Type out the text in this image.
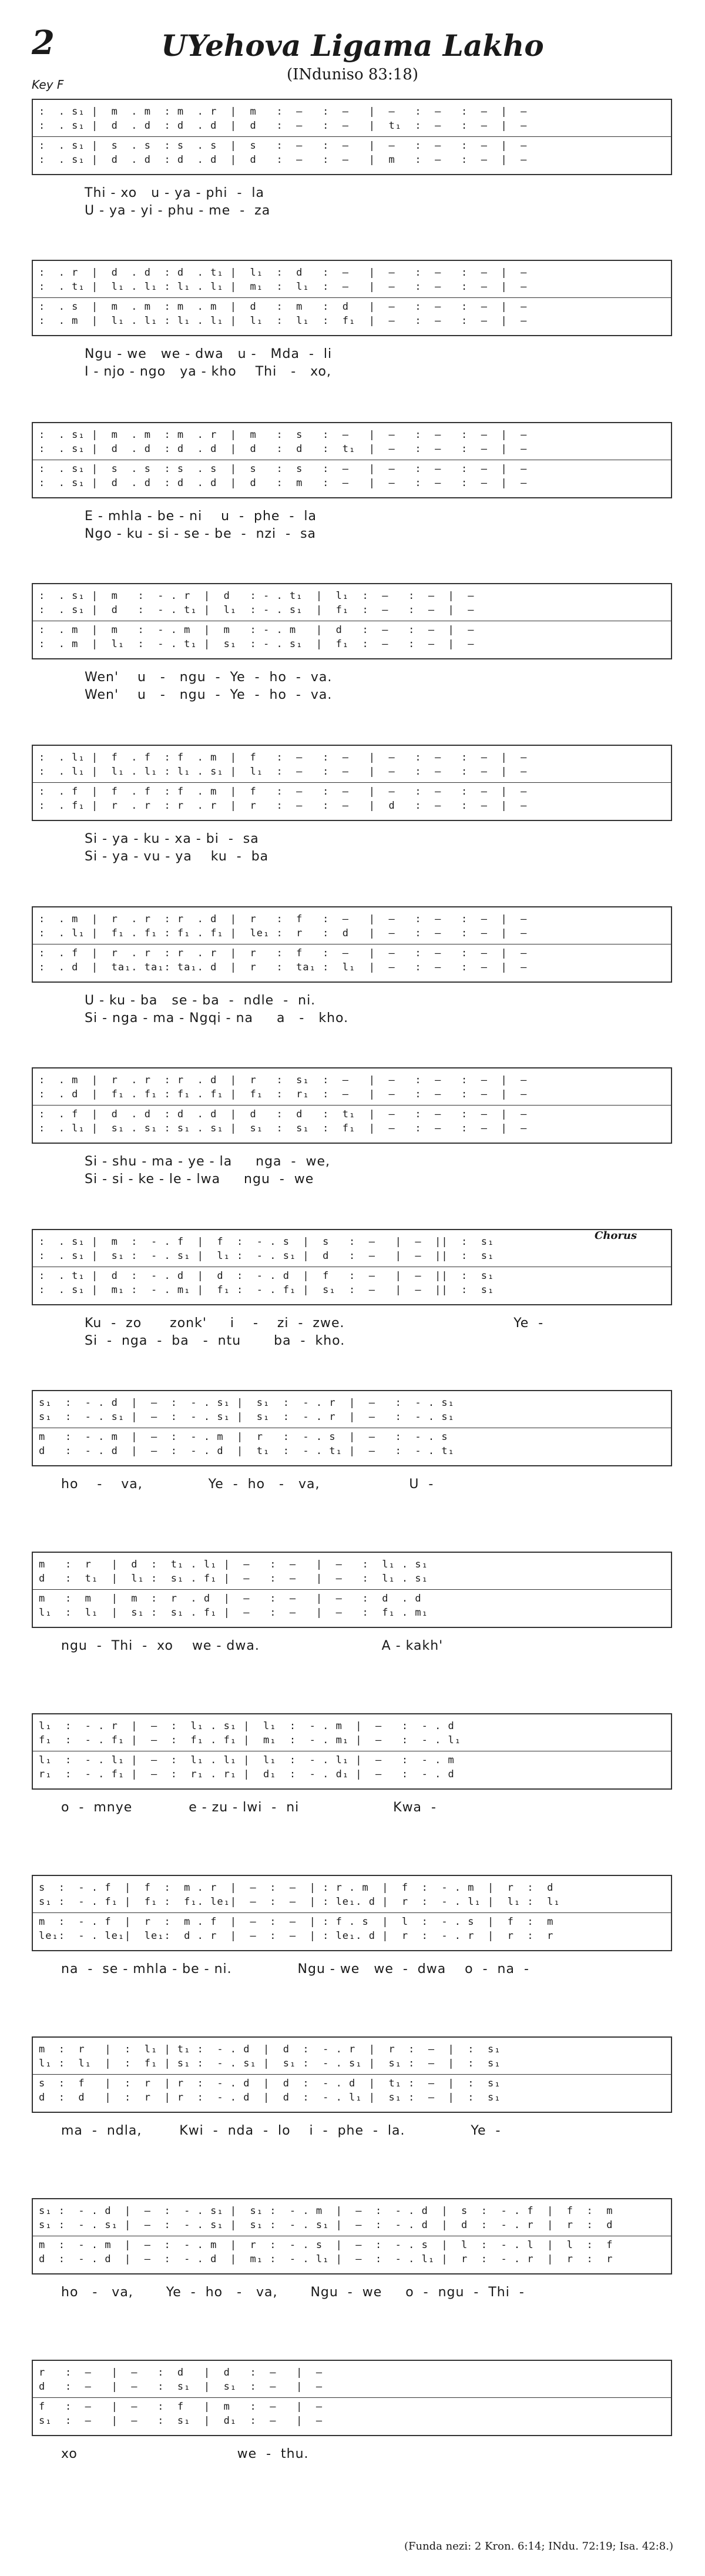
2	UYehova Ligama Lakho
(INduniso 83:18)
Key F
Chorus
:  . s₁ |  m  . m  : m  . r  |  m   :  —   :  —   |  —   :  —   :  —  |  —
:  . s₁ |  d  . d  : d  . d  |  d   :  —   :  —   |  t₁  :  —   :  —  |  —
:  . s₁ |  s  . s  : s  . s  |  s   :  —   :  —   |  —   :  —   :  —  |  —
:  . s₁ |  d  . d  : d  . d  |  d   :  —   :  —   |  m   :  —   :  —  |  —
Thi - xo   u - ya - phi  -  la
U - ya - yi - phu - me  -  za
:  . r  |  d  . d  : d  . t₁ |  l₁  :  d   :  —   |  —   :  —   :  —  |  —
:  . t₁ |  l₁ . l₁ : l₁ . l₁ |  m₁  :  l₁  :  —   |  —   :  —   :  —  |  —
:  . s  |  m  . m  : m  . m  |  d   :  m   :  d   |  —   :  —   :  —  |  —
:  . m  |  l₁ . l₁ : l₁ . l₁ |  l₁  :  l₁  :  f₁  |  —   :  —   :  —  |  —
Ngu - we   we - dwa   u -   Mda  -  li
I - njo - ngo   ya - kho    Thi   -   xo,
:  . s₁ |  m  . m  : m  . r  |  m   :  s   :  —   |  —   :  —   :  —  |  —
:  . s₁ |  d  . d  : d  . d  |  d   :  d   :  t₁  |  —   :  —   :  —  |  —
:  . s₁ |  s  . s  : s  . s  |  s   :  s   :  —   |  —   :  —   :  —  |  —
:  . s₁ |  d  . d  : d  . d  |  d   :  m   :  —   |  —   :  —   :  —  |  —
E - mhla - be - ni    u  -  phe  -  la
Ngo - ku - si - se - be  -  nzi  -  sa
:  . s₁ |  m   :  - . r  |  d   : - . t₁  |  l₁  :  —   :  —  |  —
:  . s₁ |  d   :  - . t₁ |  l₁  : - . s₁  |  f₁  :  —   :  —  |  —
:  . m  |  m   :  - . m  |  m   : - . m   |  d   :  —   :  —  |  —
:  . m  |  l₁  :  - . t₁ |  s₁  : - . s₁  |  f₁  :  —   :  —  |  —
Wen'    u   -   ngu  -  Ye  -  ho  -  va.
Wen'    u   -   ngu  -  Ye  -  ho  -  va.
:  . l₁ |  f  . f  : f  . m  |  f   :  —   :  —   |  —   :  —   :  —  |  —
:  . l₁ |  l₁ . l₁ : l₁ . s₁ |  l₁  :  —   :  —   |  —   :  —   :  —  |  —
:  . f  |  f  . f  : f  . m  |  f   :  —   :  —   |  —   :  —   :  —  |  —
:  . f₁ |  r  . r  : r  . r  |  r   :  —   :  —   |  d   :  —   :  —  |  —
Si - ya - ku - xa - bi  -  sa
Si - ya - vu - ya    ku  -  ba
:  . m  |  r  . r  : r  . d  |  r   :  f   :  —   |  —   :  —   :  —  |  —
:  . l₁ |  f₁ . f₁ : f₁ . f₁ |  le₁ :  r   :  d   |  —   :  —   :  —  |  —
:  . f  |  r  . r  : r  . r  |  r   :  f   :  —   |  —   :  —   :  —  |  —
:  . d  |  ta₁. ta₁: ta₁. d  |  r   :  ta₁ :  l₁  |  —   :  —   :  —  |  —
U - ku - ba   se - ba  -  ndle  -  ni.
Si - nga - ma - Ngqi - na     a   -   kho.
:  . m  |  r  . r  : r  . d  |  r   :  s₁  :  —   |  —   :  —   :  —  |  —
:  . d  |  f₁ . f₁ : f₁ . f₁ |  f₁  :  r₁  :  —   |  —   :  —   :  —  |  —
:  . f  |  d  . d  : d  . d  |  d   :  d   :  t₁  |  —   :  —   :  —  |  —
:  . l₁ |  s₁ . s₁ : s₁ . s₁ |  s₁  :  s₁  :  f₁  |  —   :  —   :  —  |  —
Si - shu - ma - ye - la     nga  -  we,
Si - si - ke - le - lwa     ngu  -  we
:  . s₁ |  m  :  - . f  |  f  :  - . s  |  s   :  —   |  —  ||  :  s₁
:  . s₁ |  s₁ :  - . s₁ |  l₁ :  - . s₁ |  d   :  —   |  —  ||  :  s₁
:  . t₁ |  d  :  - . d  |  d  :  - . d  |  f   :  —   |  —  ||  :  s₁
:  . s₁ |  m₁ :  - . m₁ |  f₁ :  - . f₁ |  s₁  :  —   |  —  ||  :  s₁
Ku  -  zo      zonk'     i    -    zi  -  zwe.                                    Ye  -
Si  -  nga  -  ba   -  ntu       ba  -  kho.
s₁  :  - . d  |  —  :  - . s₁ |  s₁  :  - . r  |  —   :  - . s₁
s₁  :  - . s₁ |  —  :  - . s₁ |  s₁  :  - . r  |  —   :  - . s₁
m   :  - . m  |  —  :  - . m  |  r   :  - . s  |  —   :  - . s
d   :  - . d  |  —  :  - . d  |  t₁  :  - . t₁ |  —   :  - . t₁
ho    -    va,              Ye  -  ho   -   va,                   U  -
m   :  r   |  d  :  t₁ . l₁ |  —   :  —   |  —   :  l₁ . s₁
d   :  t₁  |  l₁ :  s₁ . f₁ |  —   :  —   |  —   :  l₁ . s₁
m   :  m   |  m  :  r  . d  |  —   :  —   |  —   :  d  . d
l₁  :  l₁  |  s₁ :  s₁ . f₁ |  —   :  —   |  —   :  f₁ . m₁
ngu  -  Thi  -  xo    we - dwa.                          A - kakh'
l₁  :  - . r  |  —  :  l₁ . s₁ |  l₁  :  - . m  |  —   :  - . d
f₁  :  - . f₁ |  —  :  f₁ . f₁ |  m₁  :  - . m₁ |  —   :  - . l₁
l₁  :  - . l₁ |  —  :  l₁ . l₁ |  l₁  :  - . l₁ |  —   :  - . m
r₁  :  - . f₁ |  —  :  r₁ . r₁ |  d₁  :  - . d₁ |  —   :  - . d
o  -  mnye            e - zu - lwi  -  ni                    Kwa  -
s  :  - . f  |  f  :  m . r  |  —  :  —  | : r . m  |  f  :  - . m  |  r  :  d
s₁ :  - . f₁ |  f₁ :  f₁. le₁|  —  :  —  | : le₁. d |  r  :  - . l₁ |  l₁ :  l₁
m  :  - . f  |  r  :  m . f  |  —  :  —  | : f . s  |  l  :  - . s  |  f  :  m
le₁:  - . le₁|  le₁:  d . r  |  —  :  —  | : le₁. d |  r  :  - . r  |  r  :  r
na  -  se - mhla - be - ni.              Ngu - we   we  -  dwa    o  -  na  -
m  :  r   |  :  l₁ | t₁ :  - . d  |  d  :  - . r  |  r  :  —  |  :  s₁
l₁ :  l₁  |  :  f₁ | s₁ :  - . s₁ |  s₁ :  - . s₁ |  s₁ :  —  |  :  s₁
s  :  f   |  :  r  | r  :  - . d  |  d  :  - . d  |  t₁ :  —  |  :  s₁
d  :  d   |  :  r  | r  :  - . d  |  d  :  - . l₁ |  s₁ :  —  |  :  s₁
ma  -  ndla,        Kwi  -  nda  -  lo    i  -  phe  -  la.              Ye  -
s₁ :  - . d  |  —  :  - . s₁ |  s₁ :  - . m  |  —  :  - . d  |  s  :  - . f  |  f  :  m
s₁ :  - . s₁ |  —  :  - . s₁ |  s₁ :  - . s₁ |  —  :  - . d  |  d  :  - . r  |  r  :  d
m  :  - . m  |  —  :  - . m  |  r  :  - . s  |  —  :  - . s  |  l  :  - . l  |  l  :  f
d  :  - . d  |  —  :  - . d  |  m₁ :  - . l₁ |  —  :  - . l₁ |  r  :  - . r  |  r  :  r
ho   -   va,       Ye  -  ho   -   va,       Ngu  -  we     o  -  ngu  -  Thi  -
r   :  —   |  —   :  d   |  d   :  —   |  —
d   :  —   |  —   :  s₁  |  s₁  :  —   |  —
f   :  —   |  —   :  f   |  m   :  —   |  —
s₁  :  —   |  —   :  s₁  |  d₁  :  —   |  —
xo                                  we  -  thu.
(Funda nezi: 2 Kron. 6:14; INdu. 72:19; Isa. 42:8.)
